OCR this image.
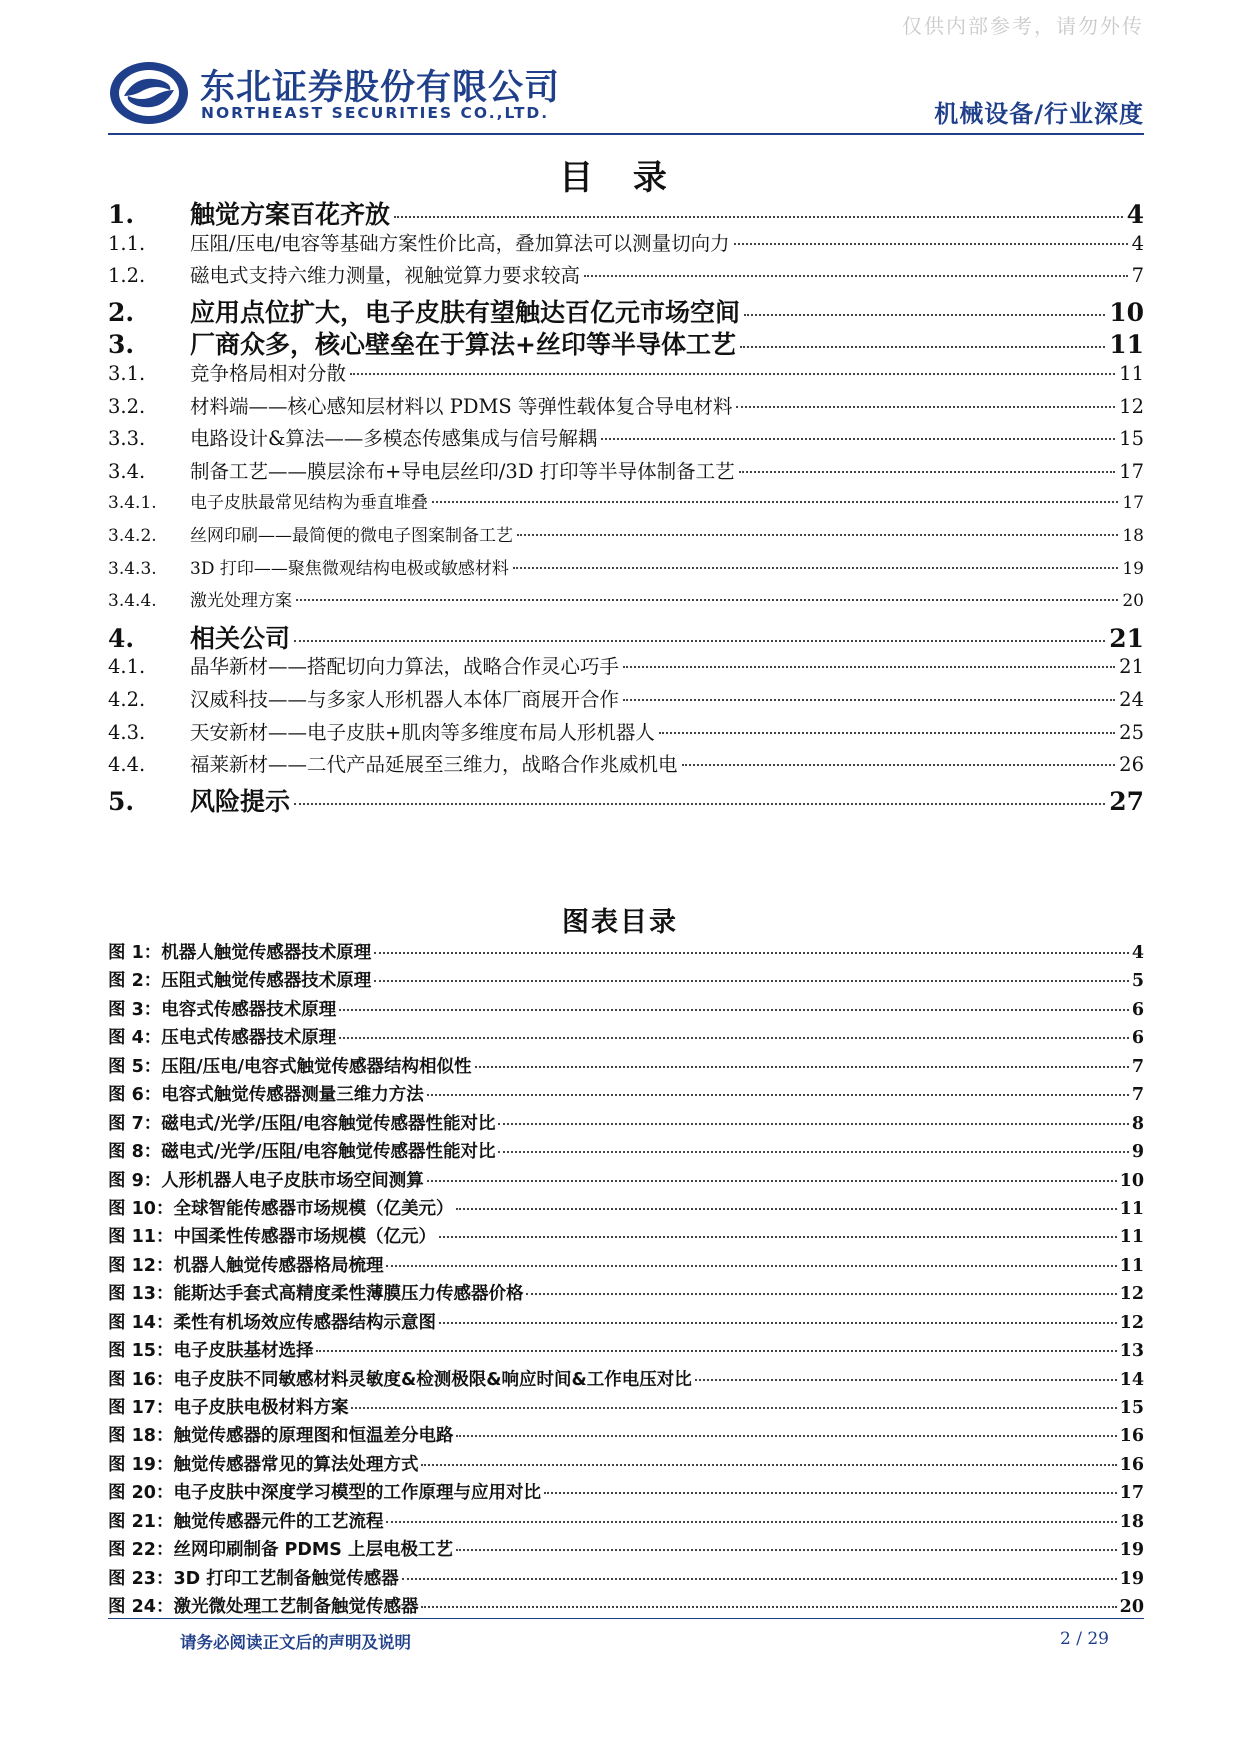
仅供内部参考，请勿外传
东北证券股份有限公司
NORTHEAST SECURITIES CO.,LTD.	机械设备/行业深度
目 录
1.	触觉方案百花齐放	4
1.1.	压阻/压电/电容等基础方案性价比高，叠加算法可以测量切向力	4
1.2.	磁电式支持六维力测量，视触觉算力要求较高	7
2.	应用点位扩大，电子皮肤有望触达百亿元市场空间	10
3.	厂商众多，核心壁垒在于算法+丝印等半导体工艺	11
3.1.	竞争格局相对分散	11
3.2.	材料端——核心感知层材料以 PDMS 等弹性载体复合导电材料	12
3.3.	电路设计&算法——多模态传感集成与信号解耦	15
3.4.	制备工艺——膜层涂布+导电层丝印/3D 打印等半导体制备工艺	17
3.4.1.	电子皮肤最常见结构为垂直堆叠	17
3.4.2.	丝网印刷——最简便的微电子图案制备工艺	18
3.4.3.	3D 打印——聚焦微观结构电极或敏感材料	19
3.4.4.	激光处理方案	20
4.	相关公司	21
4.1.	晶华新材——搭配切向力算法，战略合作灵心巧手	21
4.2.	汉威科技——与多家人形机器人本体厂商展开合作	24
4.3.	天安新材——电子皮肤+肌肉等多维度布局人形机器人	25
4.4.	福莱新材——二代产品延展至三维力，战略合作兆威机电	26
5.	风险提示	27
图表目录
图 1：机器人触觉传感器技术原理	4
图 2：压阻式触觉传感器技术原理	5
图 3：电容式传感器技术原理	6
图 4：压电式传感器技术原理	6
图 5：压阻/压电/电容式触觉传感器结构相似性	7
图 6：电容式触觉传感器测量三维力方法	7
图 7：磁电式/光学/压阻/电容触觉传感器性能对比	8
图 8：磁电式/光学/压阻/电容触觉传感器性能对比	9
图 9：人形机器人电子皮肤市场空间测算	10
图 10：全球智能传感器市场规模（亿美元）	11
图 11：中国柔性传感器市场规模（亿元）	11
图 12：机器人触觉传感器格局梳理	11
图 13：能斯达手套式高精度柔性薄膜压力传感器价格	12
图 14：柔性有机场效应传感器结构示意图	12
图 15：电子皮肤基材选择	13
图 16：电子皮肤不同敏感材料灵敏度&检测极限&响应时间&工作电压对比	14
图 17：电子皮肤电极材料方案	15
图 18：触觉传感器的原理图和恒温差分电路	16
图 19：触觉传感器常见的算法处理方式	16
图 20：电子皮肤中深度学习模型的工作原理与应用对比	17
图 21：触觉传感器元件的工艺流程	18
图 22：丝网印刷制备 PDMS 上层电极工艺	19
图 23：3D 打印工艺制备触觉传感器	19
图 24：激光微处理工艺制备触觉传感器	20
请务必阅读正文后的声明及说明	2 / 29
